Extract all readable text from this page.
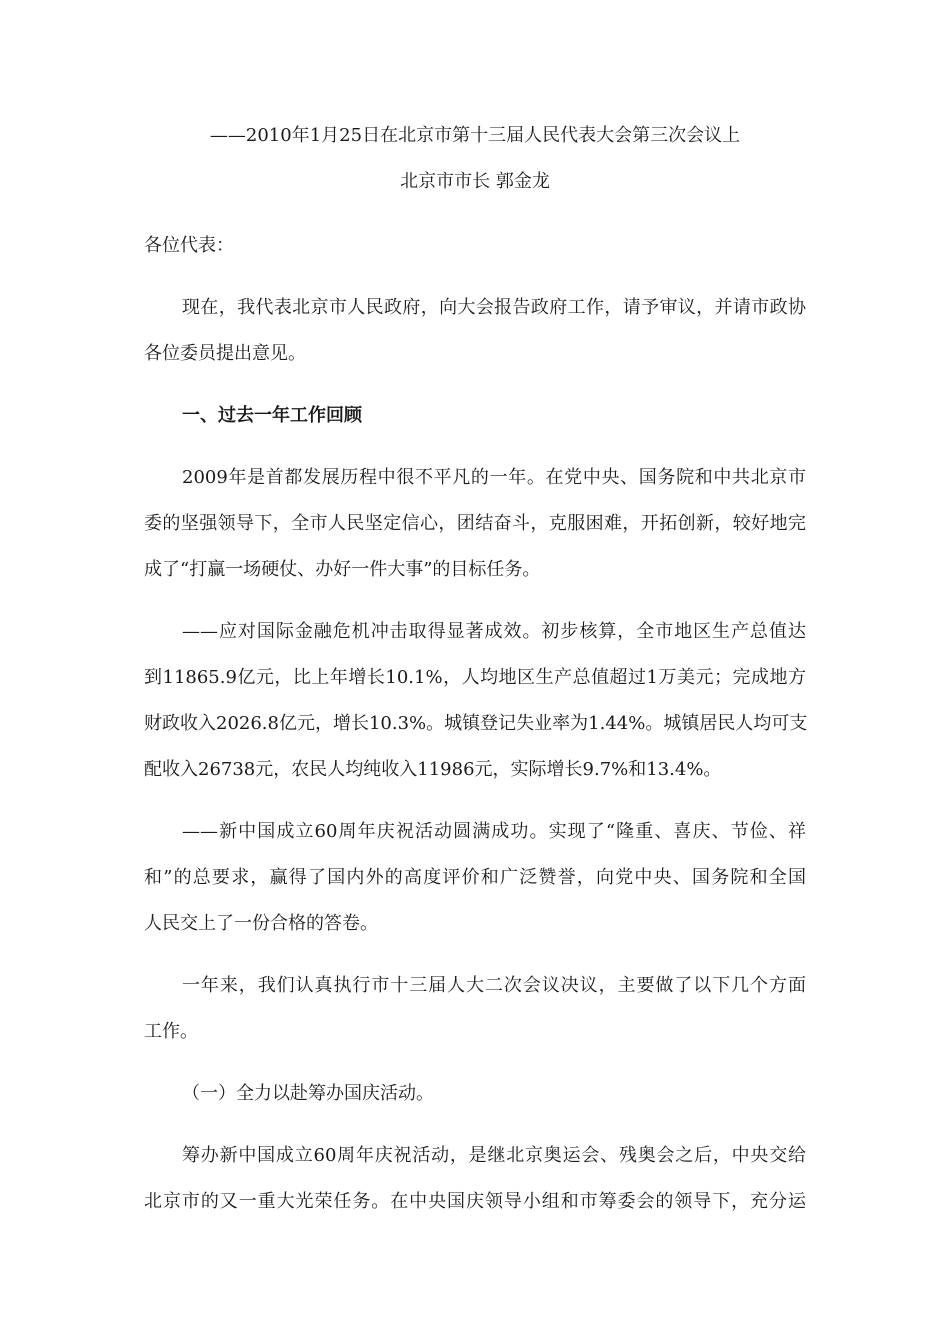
——2010年1月25日在北京市第十三届人民代表大会第三次会议上
北京市市长 郭金龙
各位代表：
现在，我代表北京市人民政府，向大会报告政府工作，请予审议，并请市政协
各位委员提出意见。
一、过去一年工作回顾
2009年是首都发展历程中很不平凡的一年。在党中央、国务院和中共北京市
委的坚强领导下，全市人民坚定信心，团结奋斗，克服困难，开拓创新，较好地完
成了“打赢一场硬仗、办好一件大事”的目标任务。
——应对国际金融危机冲击取得显著成效。初步核算，全市地区生产总值达
到11865.9亿元，比上年增长10.1%，人均地区生产总值超过1万美元；完成地方
财政收入2026.8亿元，增长10.3%。城镇登记失业率为1.44%。城镇居民人均可支
配收入26738元，农民人均纯收入11986元，实际增长9.7%和13.4%。
——新中国成立60周年庆祝活动圆满成功。实现了“隆重、喜庆、节俭、祥
和”的总要求，赢得了国内外的高度评价和广泛赞誉，向党中央、国务院和全国
人民交上了一份合格的答卷。
一年来，我们认真执行市十三届人大二次会议决议，主要做了以下几个方面
工作。
（一）全力以赴筹办国庆活动。
筹办新中国成立60周年庆祝活动，是继北京奥运会、残奥会之后，中央交给
北京市的又一重大光荣任务。在中央国庆领导小组和市筹委会的领导下，充分运
